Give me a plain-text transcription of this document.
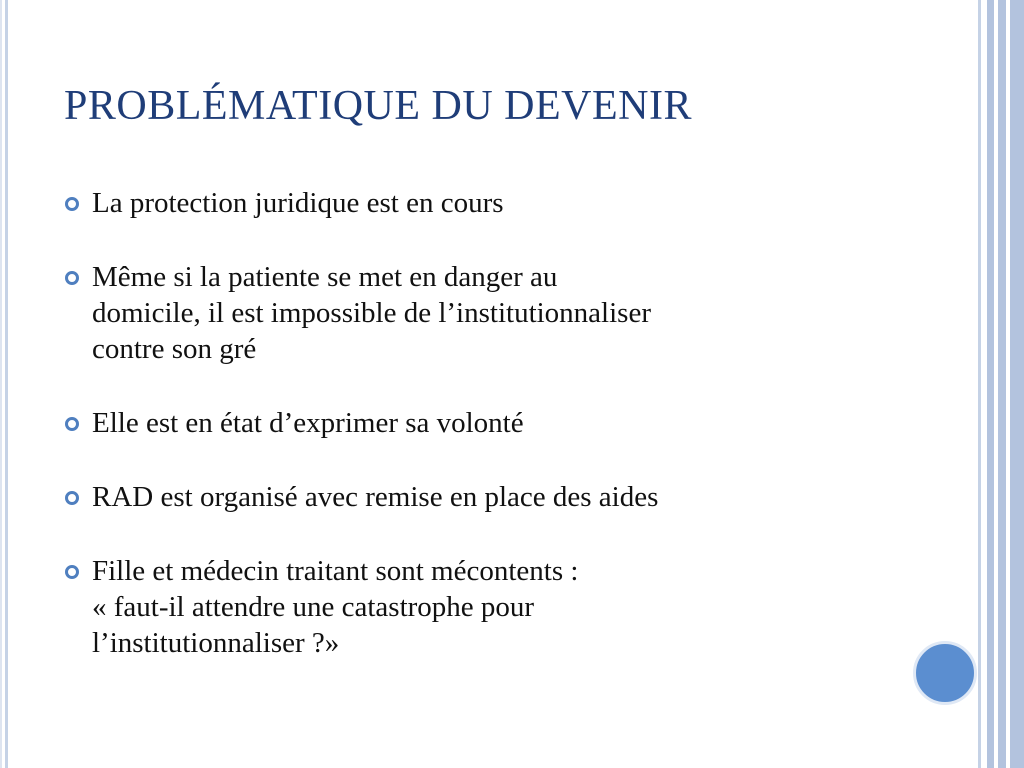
PROBLÉMATIQUE DU DEVENIR
La protection juridique est en cours
Même si la patiente se met en danger au
domicile, il est impossible de l’institutionnaliser
contre son gré
Elle est en état d’exprimer sa volonté
RAD est organisé avec remise en place des aides
Fille et médecin traitant sont mécontents :
« faut-il attendre une catastrophe pour
l’institutionnaliser ?»
